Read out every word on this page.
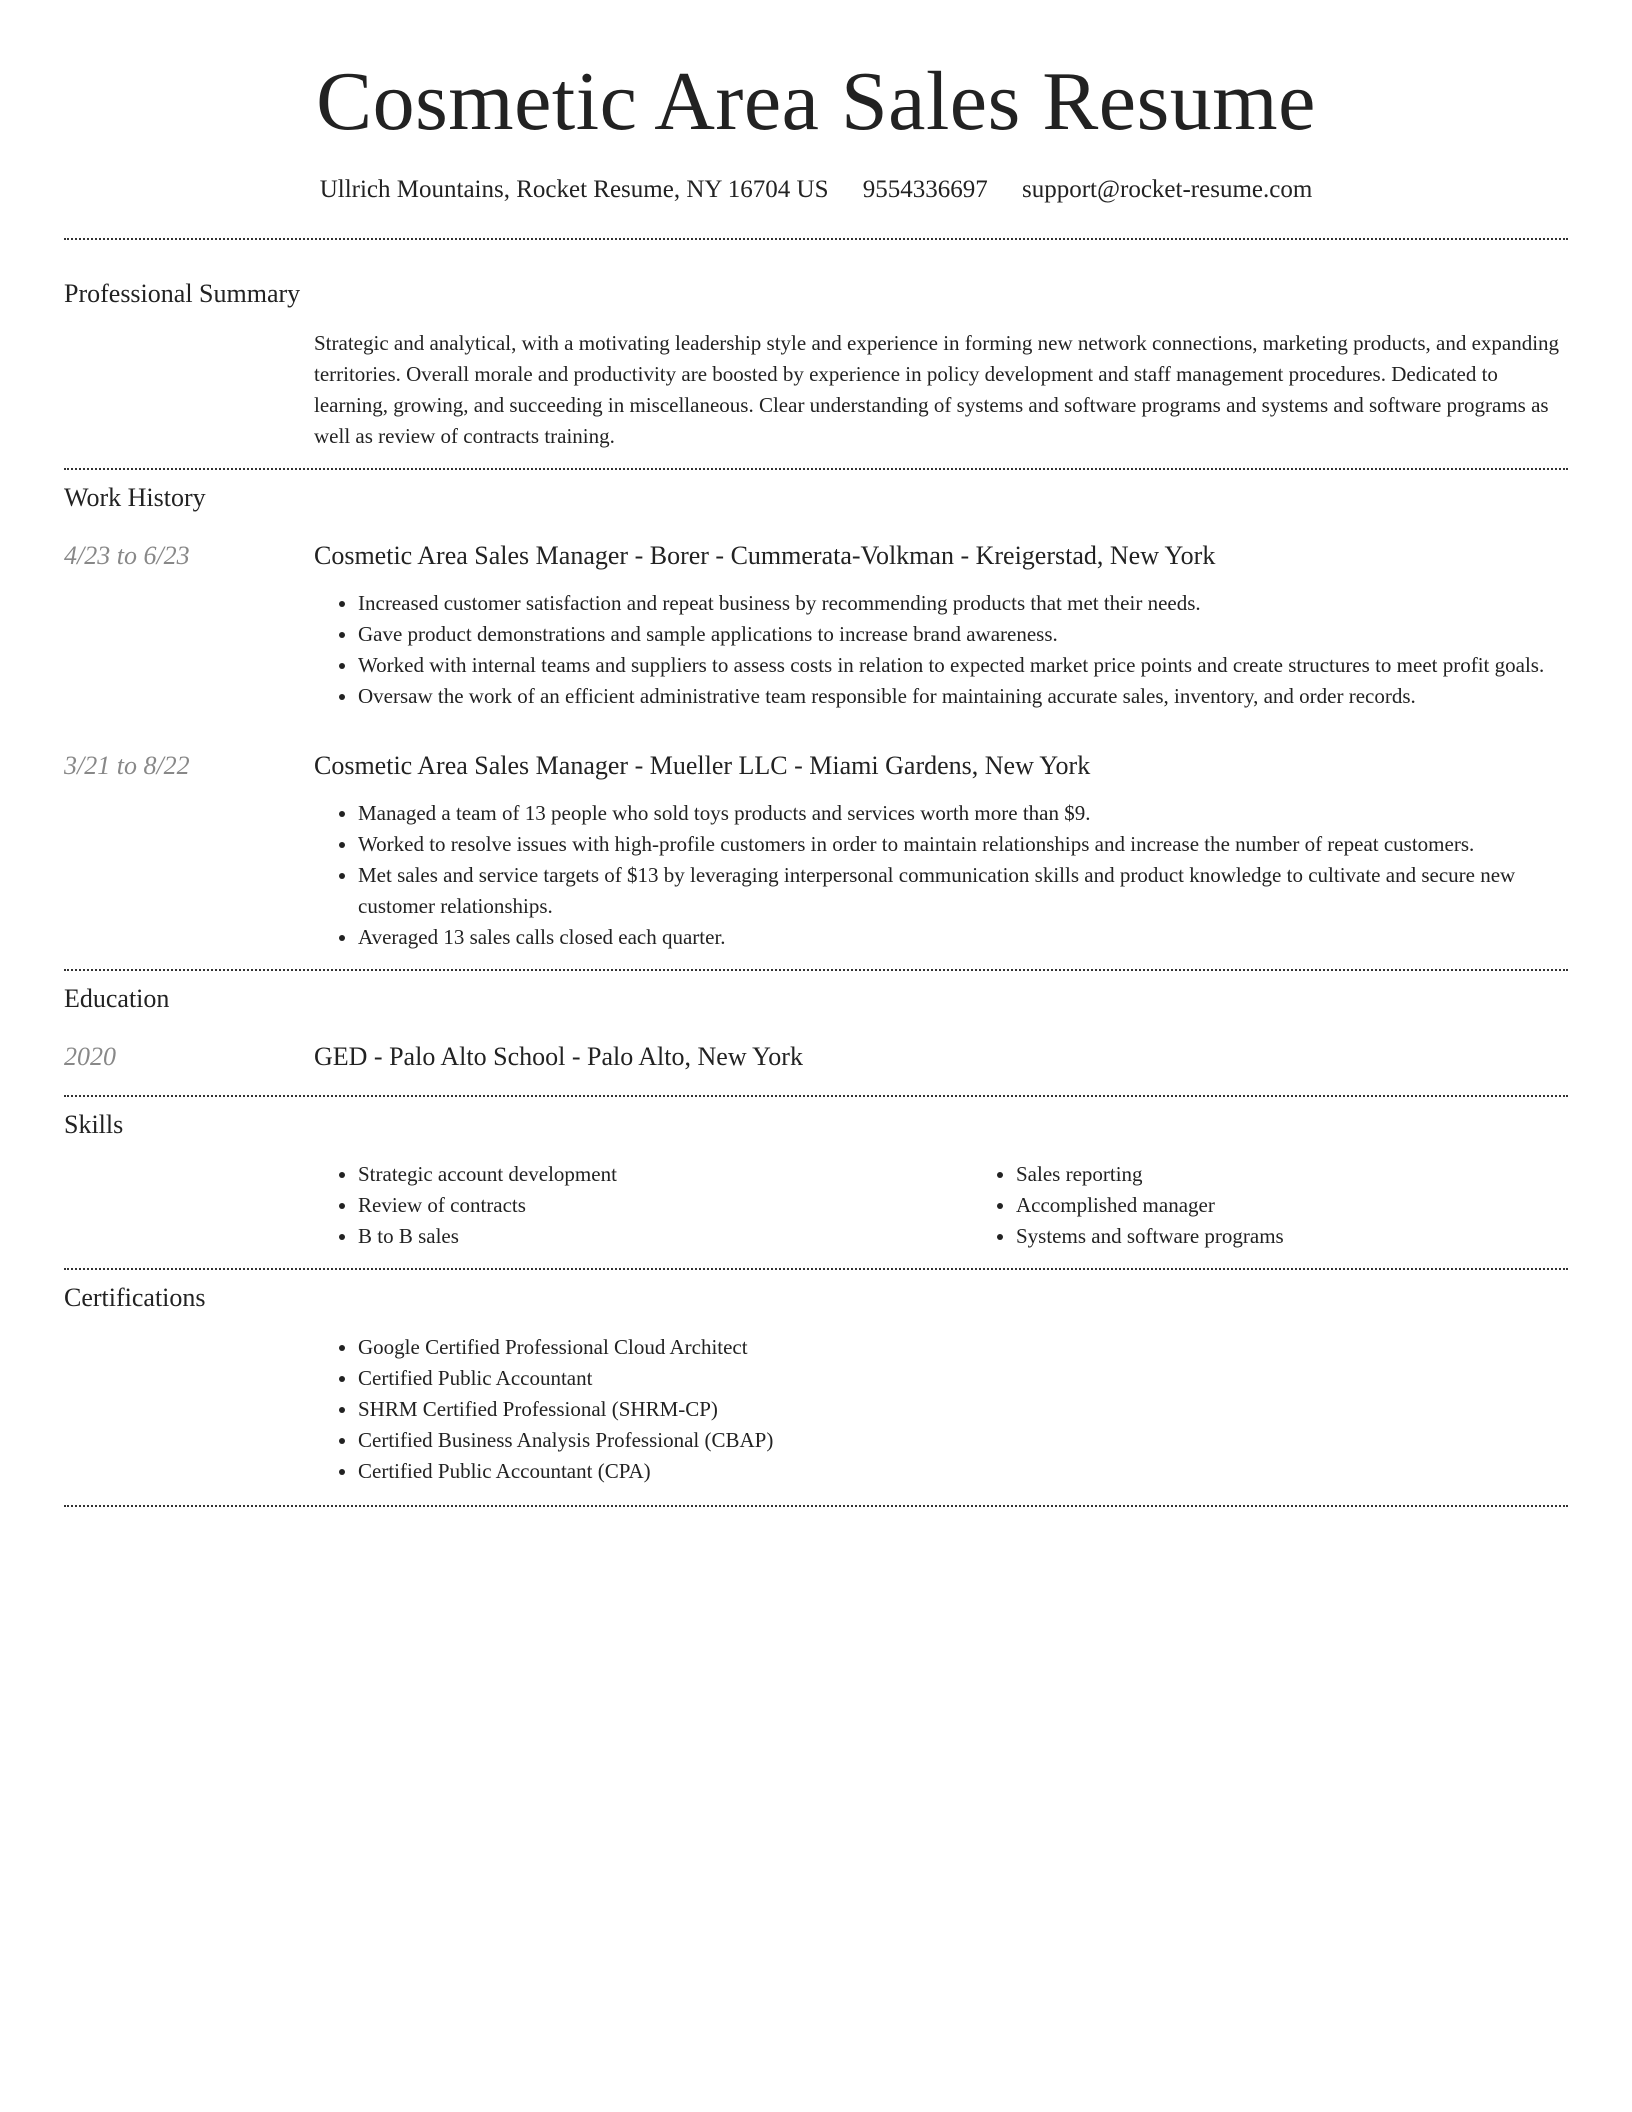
Cosmetic Area Sales Resume
Ullrich Mountains, Rocket Resume, NY 16704 US 9554336697 support@rocket-resume.com
Professional Summary

Strategic and analytical, with a motivating leadership style and experience in forming new network connections, marketing products, and expanding territories. Overall morale and productivity are boosted by experience in policy development and staff management procedures. Dedicated to learning, growing, and succeeding in miscellaneous. Clear understanding of systems and software programs and systems and software programs as well as review of contracts training.

Work History
4/23 to 6/23	Cosmetic Area Sales Manager - Borer - Cummerata-Volkman - Kreigerstad, New York
• Increased customer satisfaction and repeat business by recommending products that met their needs.
• Gave product demonstrations and sample applications to increase brand awareness.
• Worked with internal teams and suppliers to assess costs in relation to expected market price points and create structures to meet profit goals.
• Oversaw the work of an efficient administrative team responsible for maintaining accurate sales, inventory, and order records.
3/21 to 8/22	Cosmetic Area Sales Manager - Mueller LLC - Miami Gardens, New York
• Managed a team of 13 people who sold toys products and services worth more than $9.
• Worked to resolve issues with high-profile customers in order to maintain relationships and increase the number of repeat customers.
• Met sales and service targets of $13 by leveraging interpersonal communication skills and product knowledge to cultivate and secure new customer relationships.
• Averaged 13 sales calls closed each quarter.
Education
2020	GED - Palo Alto School - Palo Alto, New York
Skills
• Strategic account development
• Review of contracts
• B to B sales
• Sales reporting
• Accomplished manager
• Systems and software programs
Certifications
• Google Certified Professional Cloud Architect
• Certified Public Accountant
• SHRM Certified Professional (SHRM-CP)
• Certified Business Analysis Professional (CBAP)
• Certified Public Accountant (CPA)
